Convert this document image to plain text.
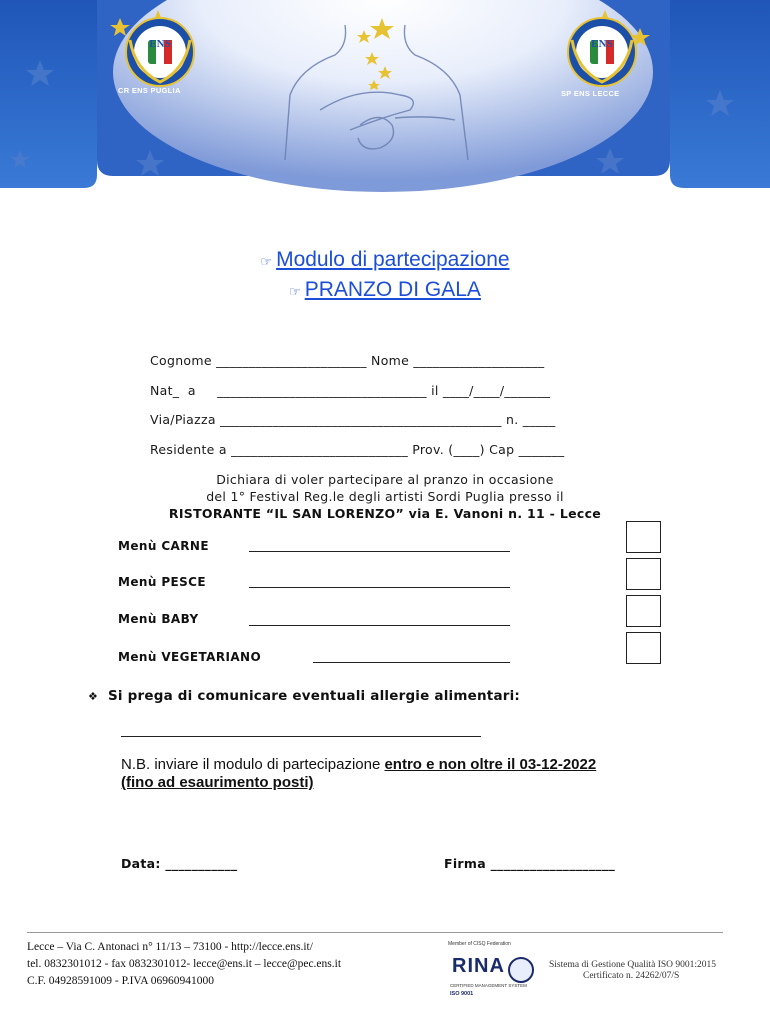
ENS	ENS
CR ENS PUGLIA	SP ENS LECCE
☞ Modulo di partecipazione
☞ PRANZO DI GALA
Cognome _______________________ Nome ____________________
Nat_  a     ________________________________ il ____/____/_______
Via/Piazza ___________________________________________ n. _____
Residente a ___________________________ Prov. (____) Cap _______
Dichiara di voler partecipare al pranzo in occasione
del 1° Festival Reg.le degli artisti Sordi Puglia presso il
RISTORANTE “IL SAN LORENZO” via E. Vanoni n. 11 - Lecce
Menù CARNE
Menù PESCE
Menù BABY
Menù VEGETARIANO
❖ Si prega di comunicare eventuali allergie alimentari:
N.B. inviare il modulo di partecipazione entro e non oltre il 03-12-2022
(fino ad esaurimento posti)
Data: ___________	Firma ___________________
Lecce – Via C. Antonaci n° 11/13 – 73100 - http://lecce.ens.it/
tel. 0832301012 - fax 0832301012- lecce@ens.it – lecce@pec.ens.it
C.F. 04928591009 - P.IVA 06960941000
Member of CISQ Federation
RINA
CERTIFIED MANAGEMENT SYSTEM
ISO 9001
Sistema di Gestione Qualità ISO 9001:2015
Certificato n. 24262/07/S
